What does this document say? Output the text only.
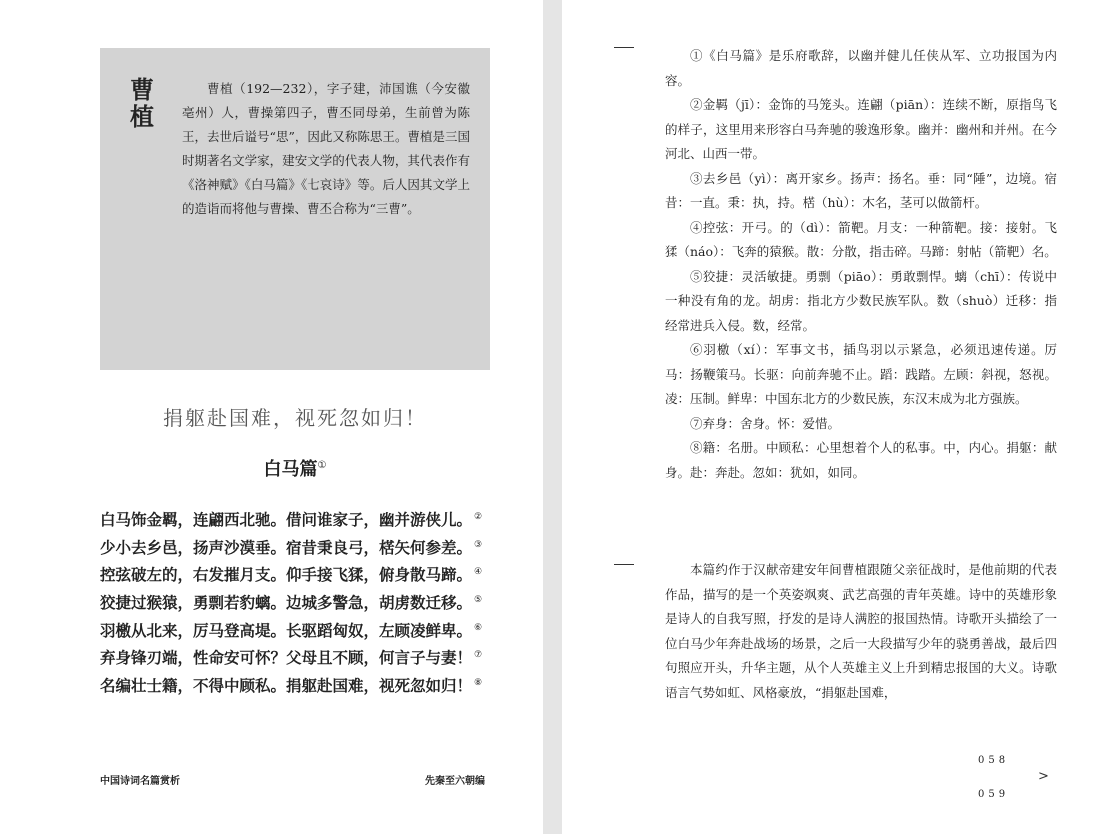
曹植

曹植（192—232），字子建，沛国谯（今安徽亳州）人，曹操第四子，曹丕同母弟，生前曾为陈王，去世后谥号“思”，因此又称陈思王。曹植是三国时期著名文学家，建安文学的代表人物，其代表作有《洛神赋》《白马篇》《七哀诗》等。后人因其文学上的造诣而将他与曹操、曹丕合称为“三曹”。

捐躯赴国难，视死忽如归！

白马篇①
白马饰金羁，连翩西北驰。借问谁家子，幽并游侠儿。 ②
少小去乡邑，扬声沙漠垂。宿昔秉良弓，楛矢何参差。 ③
控弦破左的，右发摧月支。仰手接飞猱，俯身散马蹄。 ④
狡捷过猴猿，勇剽若豹螭。边城多警急，胡虏数迁移。 ⑤
羽檄从北来，厉马登高堤。长驱蹈匈奴，左顾凌鲜卑。 ⑥
弃身锋刃端，性命安可怀？父母且不顾，何言子与妻！ ⑦
名编壮士籍，不得中顾私。捐躯赴国难，视死忽如归！ ⑧
中国诗词名篇赏析	先秦至六朝编

①《白马篇》是乐府歌辞，以幽并健儿任侠从军、立功报国为内容。

②金羁（jī）：金饰的马笼头。连翩（piān）：连续不断，原指鸟飞的样子，这里用来形容白马奔驰的骏逸形象。幽并：幽州和并州。在今河北、山西一带。

③去乡邑（yì）：离开家乡。扬声：扬名。垂：同“陲”，边境。宿昔：一直。秉：执，持。楛（hù）：木名，茎可以做箭杆。

④控弦：开弓。的（dì）：箭靶。月支：一种箭靶。接：接射。飞猱（náo）：飞奔的猿猴。散：分散，指击碎。马蹄：射帖（箭靶）名。

⑤狡捷：灵活敏捷。勇剽（piāo）：勇敢剽悍。螭（chī）：传说中一种没有角的龙。胡虏：指北方少数民族军队。数（shuò）迁移：指经常进兵入侵。数，经常。

⑥羽檄（xí）：军事文书，插鸟羽以示紧急，必须迅速传递。厉马：扬鞭策马。长驱：向前奔驰不止。蹈：践踏。左顾：斜视，怒视。凌：压制。鲜卑：中国东北方的少数民族，东汉末成为北方强族。

⑦弃身：舍身。怀：爱惜。

⑧籍：名册。中顾私：心里想着个人的私事。中，内心。捐躯：献身。赴：奔赴。忽如：犹如，如同。

本篇约作于汉献帝建安年间曹植跟随父亲征战时，是他前期的代表作品，描写的是一个英姿飒爽、武艺高强的青年英雄。诗中的英雄形象是诗人的自我写照，抒发的是诗人满腔的报国热情。诗歌开头描绘了一位白马少年奔赴战场的场景，之后一大段描写少年的骁勇善战，最后四句照应开头，升华主题，从个人英雄主义上升到精忠报国的大义。诗歌语言气势如虹、风格豪放，“捐躯赴国难，

058
059
>
